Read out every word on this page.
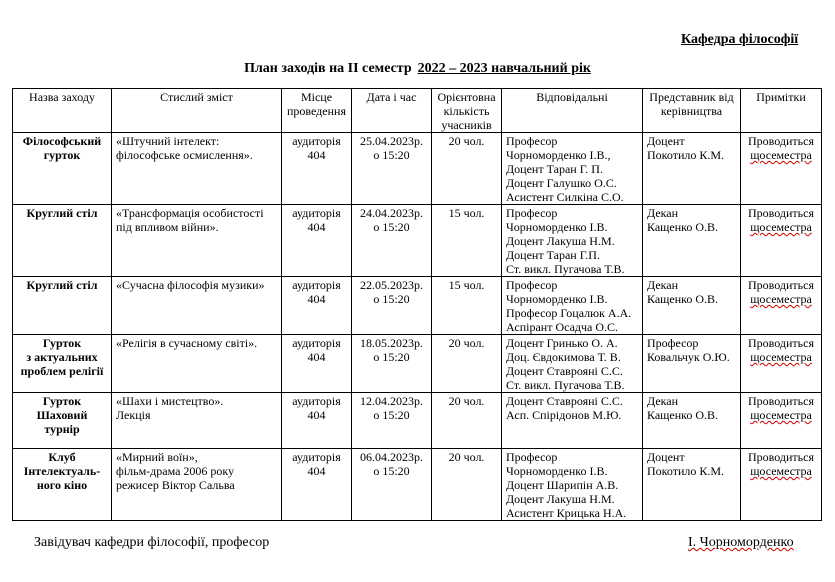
Кафедра філософії
План заходів на ІІ семестр 2022 – 2023 навчальний рік
Назва заходу	Стислий зміст	Місце проведення	Дата і час	Орієнтовна кількість учасників	Відповідальні	Представник від керівництва	Примітки

Філософський
гурток	«Штучний інтелект:
філософське осмислення».	аудиторія
404	25.04.2023р.
о 15:20	20 чол.	Професор
Чорноморденко І.В.,
Доцент Таран Г. П.
Доцент Галушко О.С.
Асистент Силкіна С.О.	Доцент
Покотило К.М.	Проводиться
щосеместра

Круглий стіл	«Трансформація особистості
під впливом війни».	аудиторія
404	24.04.2023р.
о 15:20	15 чол.	Професор
Чорноморденко І.В.
Доцент Лакуша Н.М.
Доцент Таран Г.П.
Ст. викл. Пугачова Т.В.	Декан
Кащенко О.В.	Проводиться
щосеместра

Круглий стіл	«Сучасна філософія музики»	аудиторія
404	22.05.2023р.
о 15:20	15 чол.	Професор
Чорноморденко І.В.
Професор Гоцалюк А.А.
Аспірант Осадча О.С.	Декан
Кащенко О.В.	Проводиться
щосеместра

Гурток
з актуальних
проблем релігії	«Релігія в сучасному світі».	аудиторія
404	18.05.2023р.
о 15:20	20 чол.	Доцент Гринько О. А.
Доц. Євдокимова Т. В.
Доцент Ставроянi С.С.
Ст. викл. Пугачова Т.В.	Професор
Ковальчук О.Ю.	Проводиться
щосеместра

Гурток
Шаховий
турнір	«Шахи і мистецтво».
Лекція	аудиторія
404	12.04.2023р.
о 15:20	20 чол.	Доцент Ставроянi С.С.
Асп. Спірідонов М.Ю.	Декан
Кащенко О.В.	Проводиться
щосеместра

Клуб
Інтелектуаль-
ного кіно	«Мирний воїн»,
фільм-драма 2006 року
режисер Віктор Сальва	аудиторія
404	06.04.2023р.
о 15:20	20 чол.	Професор
Чорноморденко І.В.
Доцент Шарипін А.В.
Доцент Лакуша Н.М.
Асистент Крицька Н.А.	Доцент
Покотило К.М.	Проводиться
щосеместра
Завідувач кафедри філософії, професор	І. Чорноморденко
